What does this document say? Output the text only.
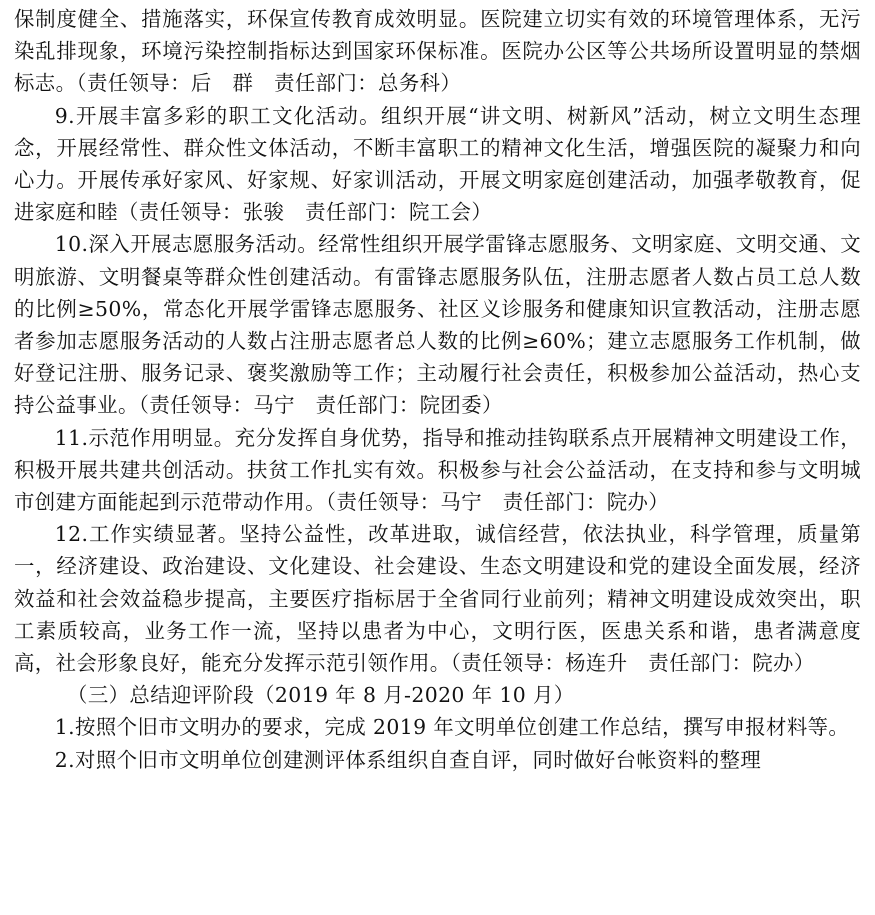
保制度健全、措施落实，环保宣传教育成效明显。医院建立切实有效的环境管理体系，无污染乱排现象，环境污染控制指标达到国家环保标准。医院办公区等公共场所设置明显的禁烟标志。（责任领导：后　群　责任部门：总务科）

9.开展丰富多彩的职工文化活动。组织开展“讲文明、树新风”活动，树立文明生态理念，开展经常性、群众性文体活动，不断丰富职工的精神文化生活，增强医院的凝聚力和向心力。开展传承好家风、好家规、好家训活动，开展文明家庭创建活动，加强孝敬教育，促进家庭和睦（责任领导：张骏　责任部门：院工会）

10.深入开展志愿服务活动。经常性组织开展学雷锋志愿服务、文明家庭、文明交通、文明旅游、文明餐桌等群众性创建活动。有雷锋志愿服务队伍，注册志愿者人数占员工总人数的比例≥50%，常态化开展学雷锋志愿服务、社区义诊服务和健康知识宣教活动，注册志愿者参加志愿服务活动的人数占注册志愿者总人数的比例≥60%；建立志愿服务工作机制，做好登记注册、服务记录、褒奖激励等工作；主动履行社会责任，积极参加公益活动，热心支持公益事业。（责任领导：马宁　责任部门：院团委）

11.示范作用明显。充分发挥自身优势，指导和推动挂钩联系点开展精神文明建设工作，积极开展共建共创活动。扶贫工作扎实有效。积极参与社会公益活动，在支持和参与文明城市创建方面能起到示范带动作用。（责任领导：马宁　责任部门：院办）

12.工作实绩显著。坚持公益性，改革进取，诚信经营，依法执业，科学管理，质量第一，经济建设、政治建设、文化建设、社会建设、生态文明建设和党的建设全面发展，经济效益和社会效益稳步提高，主要医疗指标居于全省同行业前列；精神文明建设成效突出，职工素质较高，业务工作一流，坚持以患者为中心，文明行医，医患关系和谐，患者满意度高，社会形象良好，能充分发挥示范引领作用。（责任领导：杨连升　责任部门：院办）

（三）总结迎评阶段（2019 年 8 月-2020 年 10 月）

1.按照个旧市文明办的要求，完成 2019 年文明单位创建工作总结，撰写申报材料等。

2.对照个旧市文明单位创建测评体系组织自查自评，同时做好台帐资料的整理
